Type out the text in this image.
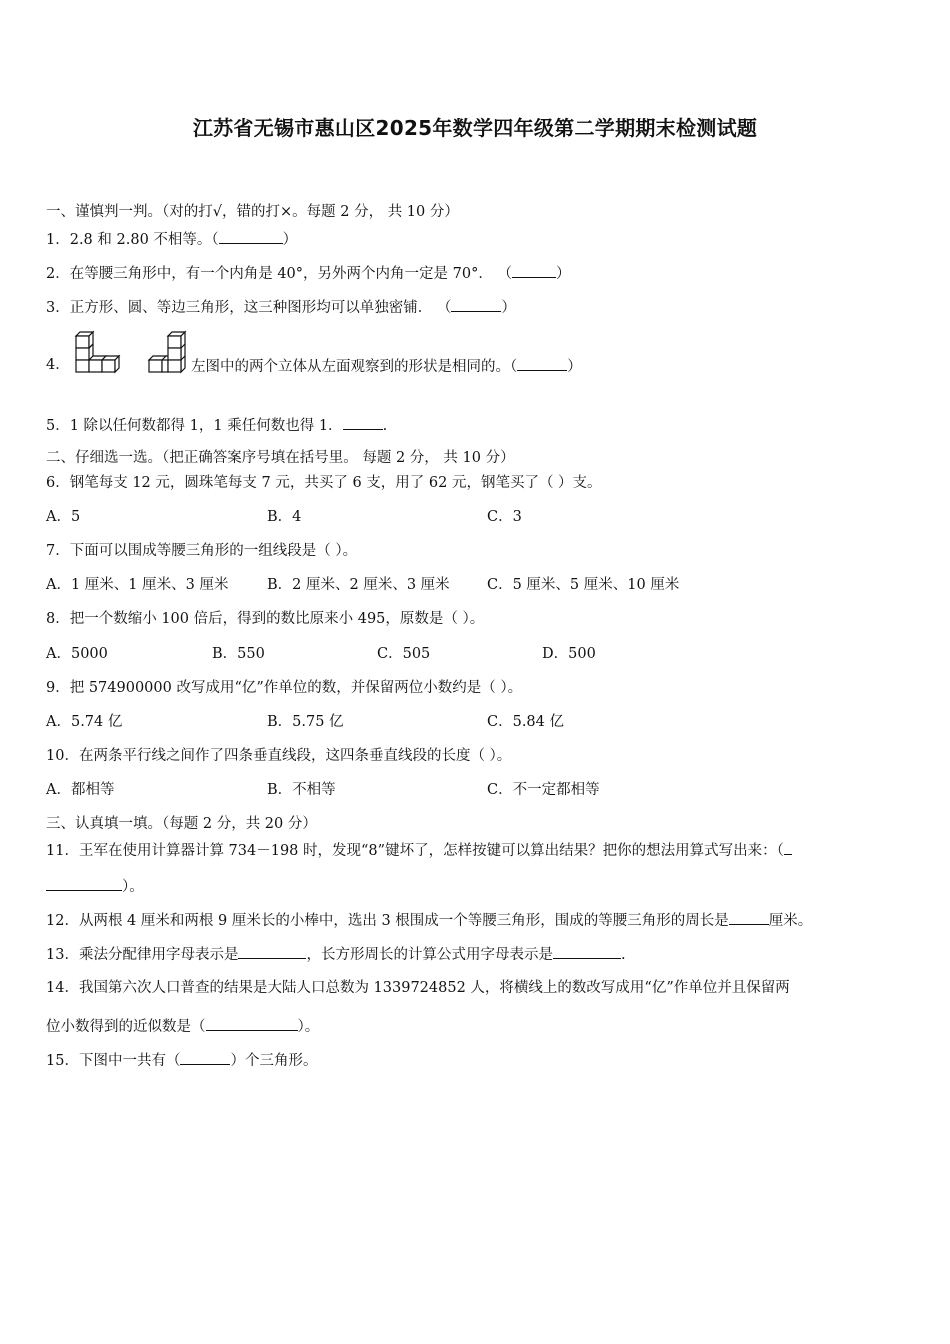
江苏省无锡市惠山区2025年数学四年级第二学期期末检测试题
一、谨慎判一判。（对的打√，错的打×。每题 2 分， 共 10 分）
1．2.8 和 2.80 不相等。（	）
2．在等腰三角形中，有一个内角是 40°，另外两个内角一定是 70°． （	）
3．正方形、圆、等边三角形，这三种图形均可以单独密铺． （	）
4．	左图中的两个立体从左面观察到的形状是相同的。（	）
5．1 除以任何数都得 1，1 乘任何数也得 1．	.
二、仔细选一选。（把正确答案序号填在括号里。 每题 2 分， 共 10 分）
6．钢笔每支 12 元，圆珠笔每支 7 元，共买了 6 支，用了 62 元，钢笔买了（ ）支。
A．5	B．4	C．3
7．下面可以围成等腰三角形的一组线段是（ ）。
A．1 厘米、1 厘米、3 厘米	B．2 厘米、2 厘米、3 厘米	C．5 厘米、5 厘米、10 厘米
8．把一个数缩小 100 倍后，得到的数比原来小 495，原数是（ ）。
A．5000	B．550	C．505	D．500
9．把 574900000 改写成用“亿”作单位的数，并保留两位小数约是（ ）。
A．5.74 亿	B．5.75 亿	C．5.84 亿
10．在两条平行线之间作了四条垂直线段，这四条垂直线段的长度（ ）。
A．都相等	B．不相等	C．不一定都相等
三、认真填一填。（每题 2 分，共 20 分）
11．王军在使用计算器计算 734－198 时，发现“8”键坏了，怎样按键可以算出结果？把你的想法用算式写出来：（
）。
12．从两根 4 厘米和两根 9 厘米长的小棒中，选出 3 根围成一个等腰三角形，围成的等腰三角形的周长是	厘米。
13．乘法分配律用字母表示是	，长方形周长的计算公式用字母表示是	.
14．我国第六次人口普查的结果是大陆人口总数为 1339724852 人，将横线上的数改写成用“亿”作单位并且保留两
位小数得到的近似数是（	）。
15．下图中一共有（	）个三角形。
